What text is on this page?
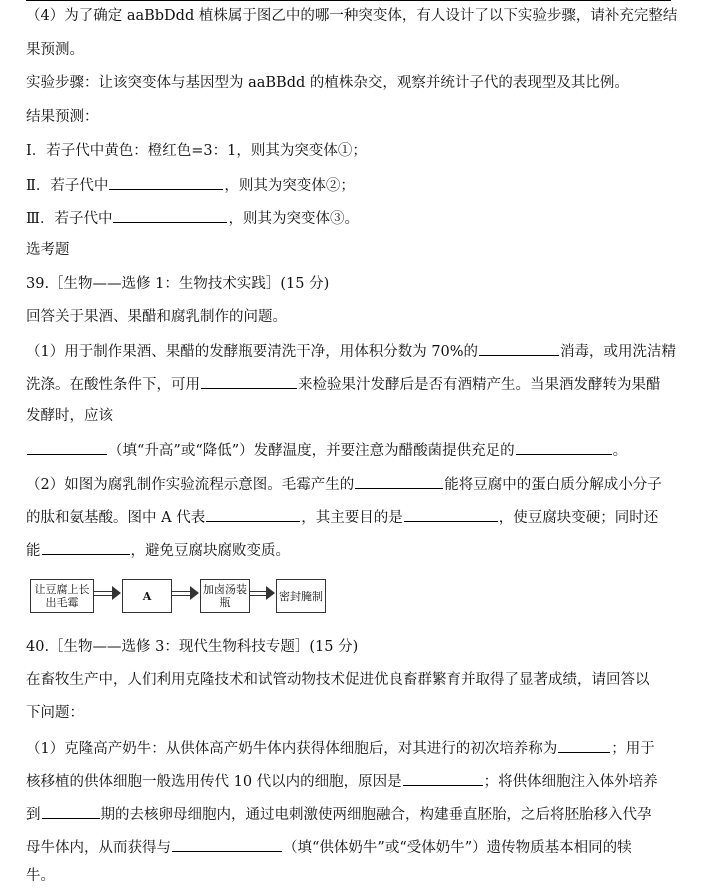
（4）为了确定 aaBbDdd 植株属于图乙中的哪一种突变体，有人设计了以下实验步骤，请补充完整结
果预测。
实验步骤：让该突变体与基因型为 aaBBdd 的植株杂交，观察并统计子代的表现型及其比例。
结果预测：
Ⅰ．若子代中黄色：橙红色=3：1，则其为突变体①；
Ⅱ．若子代中	，则其为突变体②；
Ⅲ．若子代中	，则其为突变体③。
选考题
39.［生物——选修 1：生物技术实践］(15 分)
回答关于果酒、果醋和腐乳制作的问题。
（1）用于制作果酒、果醋的发酵瓶要清洗干净，用体积分数为 70%的	消毒，或用洗洁精
洗涤。在酸性条件下，可用	来检验果汁发酵后是否有酒精产生。当果酒发酵转为果醋
发酵时，应该
（填“升高”或“降低”）发酵温度，并要注意为醋酸菌提供充足的	。
（2）如图为腐乳制作实验流程示意图。毛霉产生的	能将豆腐中的蛋白质分解成小分子
的肽和氨基酸。图中 A 代表	，其主要目的是	，使豆腐块变硬；同时还
能	，避免豆腐块腐败变质。
让豆腐上长出毛霉	A	加卤汤装瓶	密封腌制
40.［生物——选修 3：现代生物科技专题］(15 分)
在畜牧生产中，人们利用克隆技术和试管动物技术促进优良畜群繁育并取得了显著成绩，请回答以
下问题：
（1）克隆高产奶牛：从供体高产奶牛体内获得体细胞后，对其进行的初次培养称为	；用于
核移植的供体细胞一般选用传代 10 代以内的细胞，原因是	；将供体细胞注入体外培养
到	期的去核卵母细胞内，通过电刺激使两细胞融合，构建垂直胚胎，之后将胚胎移入代孕
母牛体内，从而获得与	（填“供体奶牛”或“受体奶牛”）遗传物质基本相同的犊
牛。
